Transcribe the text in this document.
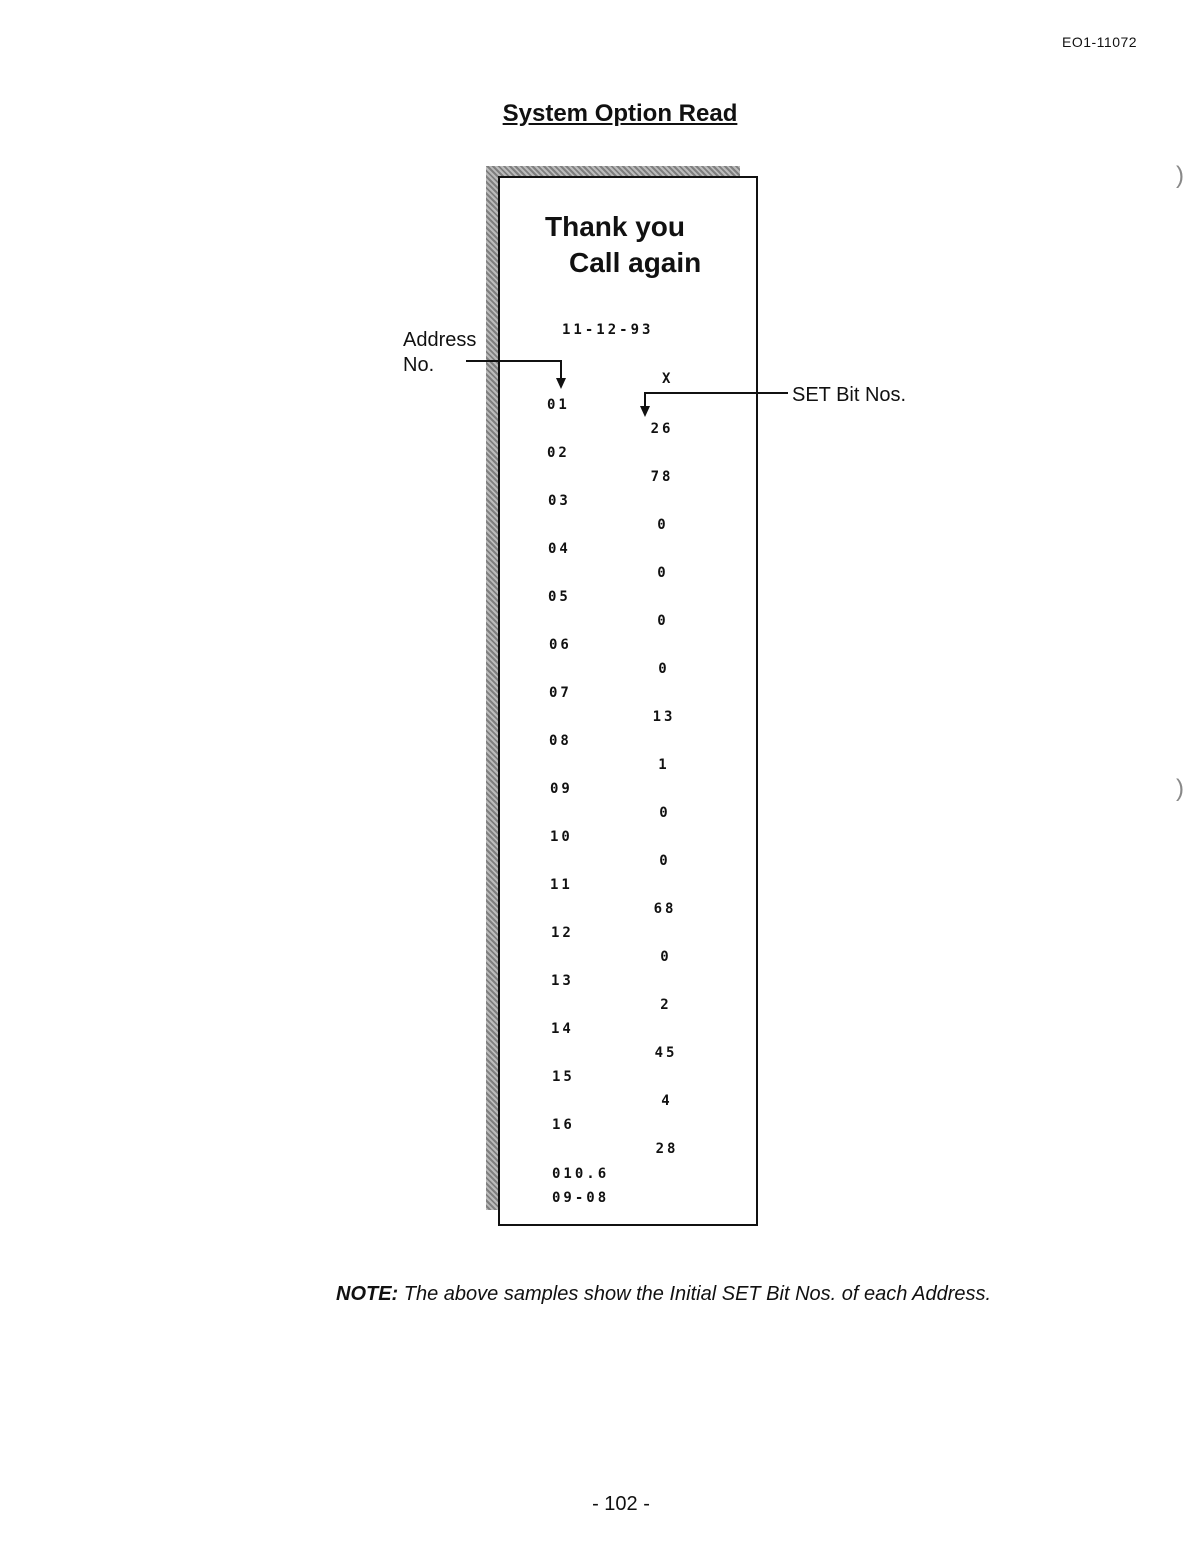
EO1-11072
System Option Read
Thank you
Call again
11-12-93
X
01
26
02
78
03
0
04
0
05
0
06
0
07
13
08
1
09
0
10
0
11
68
12
0
13
2
14
45
15
4
16
28
010.6
09-08
Address
No.
SET Bit Nos.
NOTE: The above samples show the Initial SET Bit Nos. of each Address.
- 102 -
)
)
